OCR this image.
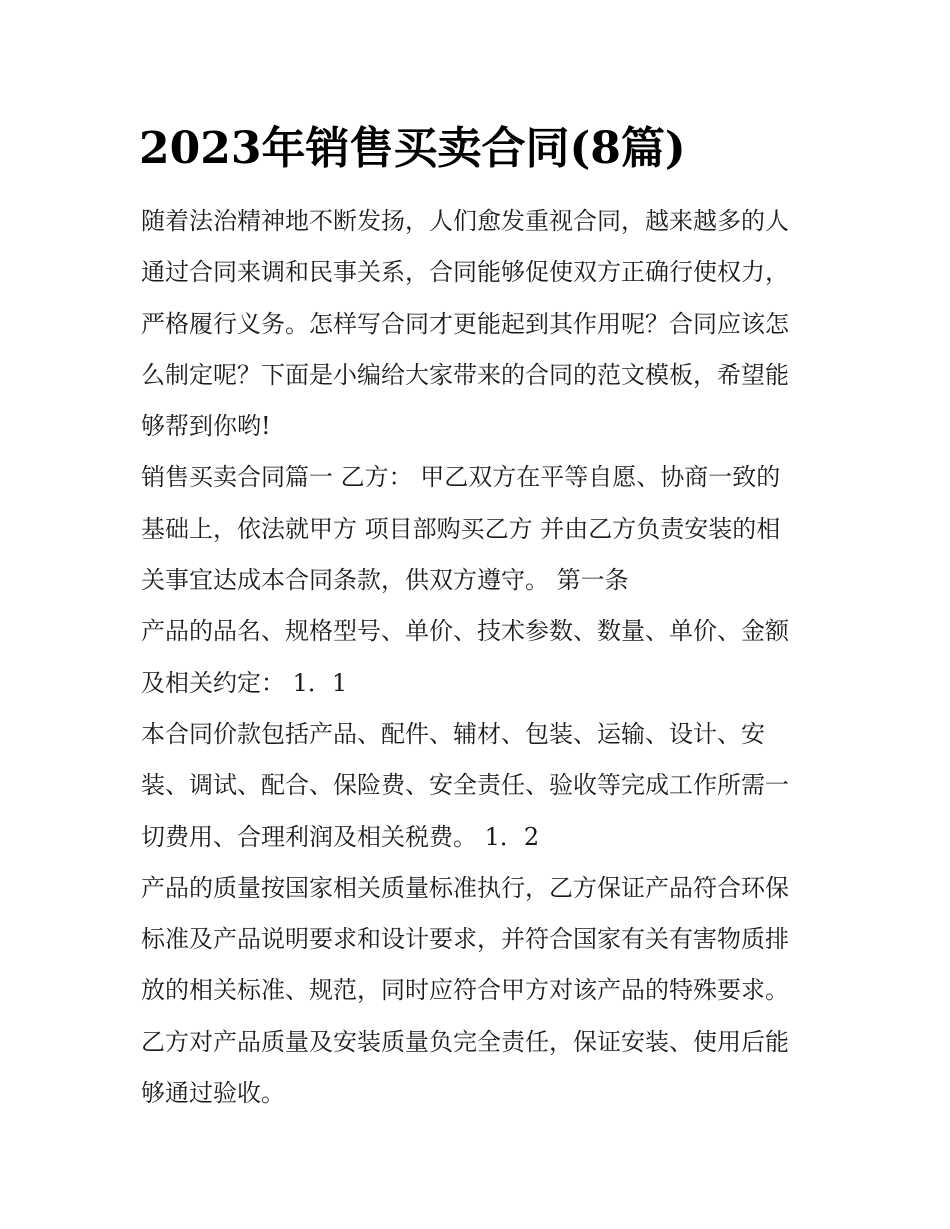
2023年销售买卖合同(8篇)
随着法治精神地不断发扬，人们愈发重视合同，越来越多的人
通过合同来调和民事关系，合同能够促使双方正确行使权力，
严格履行义务。怎样写合同才更能起到其作用呢？合同应该怎
么制定呢？下面是小编给大家带来的合同的范文模板，希望能
够帮到你哟!
销售买卖合同篇一 乙方： 甲乙双方在平等自愿、协商一致的
基础上，依法就甲方 项目部购买乙方 并由乙方负责安装的相
关事宜达成本合同条款，供双方遵守。 第一条
产品的品名、规格型号、单价、技术参数、数量、单价、金额
及相关约定： 1．1
本合同价款包括产品、配件、辅材、包装、运输、设计、安
装、调试、配合、保险费、安全责任、验收等完成工作所需一
切费用、合理利润及相关税费。 1．2
产品的质量按国家相关质量标准执行，乙方保证产品符合环保
标准及产品说明要求和设计要求，并符合国家有关有害物质排
放的相关标准、规范，同时应符合甲方对该产品的特殊要求。
乙方对产品质量及安装质量负完全责任，保证安装、使用后能
够通过验收。
